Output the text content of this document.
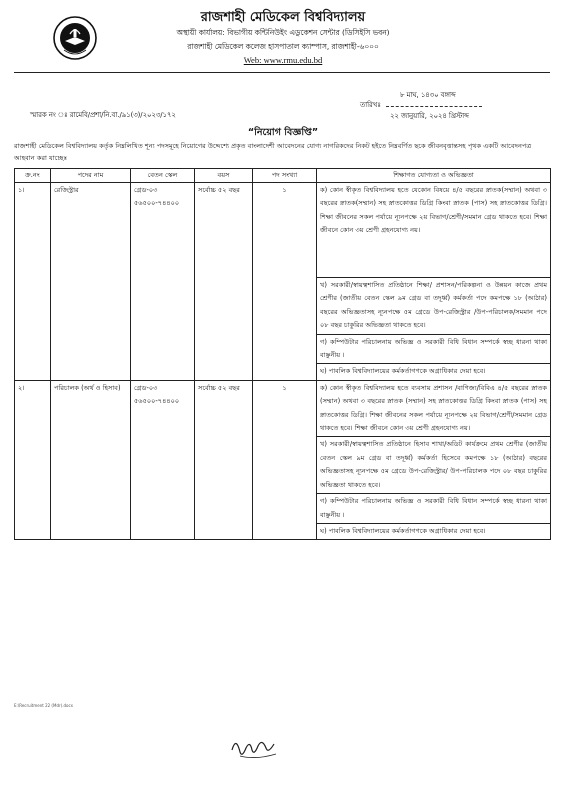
রাজশাহী মেডিকেল বিশ্ববিদ্যালয়
অস্থায়ী কার্যালয়: বিভাগীয় কন্টিনিউইং এডুকেশন সেন্টার (ডিসিইসি ভবন)
রাজশাহী মেডিকেল কলেজ হাসপাতাল ক্যাম্পাস, রাজশাহী-৬০০০
Web: www.rmu.edu.bd
৮ মাঘ, ১৪৩০ বঙ্গাব্দ
তারিখঃ
২২ জানুয়ারি, ২০২৪ খ্রিস্টাব্দ
স্মারক নং ঃ রামেবি/প্রশা/নি.বা./৯১(৩)/২০২৩/১৭২
“নিয়োগ বিজ্ঞপ্তি”
রাজশাহী মেডিকেল বিশ্ববিদ্যালয় কর্তৃক নিম্নলিখিত শূন্য পদসমূহে নিয়োগের উদ্দেশ্যে প্রকৃত বাংলাদেশী আবেদনের যোগ্য নাগরিকদের নিকট হইতে নিম্নবর্ণিত ছকে জীবনবৃত্তান্তসহ পৃথক একটি আবেদনপত্র আহবান করা যাচ্ছেঃ
ক্র.নং	পদের নাম	বেতন স্কেল	বয়স	পদ সংখ্যা	শিক্ষাগত যোগ্যতা ও অভিজ্ঞতা
১।	রেজিস্ট্রার	গ্রেড-০৩ ৫৬৫০০-৭৪৪০০	সর্বোচ্চ ৫২ বছর	১	ক) কোন স্বীকৃত বিশ্ববিদ্যালয় হতে যেকোন বিষয়ে ৪/৫ বছরের স্নাতক(সম্মান) অথবা ৩ বছরের স্নাতক(সম্মান) সহ স্নাতকোত্তর ডিগ্রি কিংবা স্নাতক (পাস) সহ স্নাতকোত্তর ডিগ্রি। শিক্ষা জীবনের সকল পর্যায়ে ন্যূনপক্ষে ২য় বিভাগ/শ্রেণী/সমমান গ্রেড থাকতে হবে। শিক্ষা জীবনে কোন ৩য় শ্রেণী গ্রহনযোগ্য নয়।
					খ) সরকারী/স্বায়ত্বশাসিত প্রতিষ্ঠানে শিক্ষা/ প্রশাসন/পরিকল্পনা ও উন্নয়ন কাজে প্রথম শ্রেণীর (জাতীয় বেতন স্কেল ৯ম গ্রেড বা তদূর্ধ্ব) কর্মকর্তা পদে কমপক্ষে ১৮ (আঠার) বছরের অভিজ্ঞতাসহ ন্যূনপক্ষে ৫ম গ্রেডে উপ-রেজিস্ট্রার /উপ-পরিচালক/সমমান পদে ০৮ বছর চাকুরির অভিজ্ঞতা থাকতে হবে।
					গ) কম্পিউটার পরিচালনায় অভিজ্ঞ ও সরকারী বিধি বিধান সম্পর্কে স্বচ্ছ ধারনা থাকা বাঞ্ছনীয় ।
					ঘ) পাবলিক বিশ্ববিদ্যালয়ের কর্মকর্তাগণকে অগ্রাধিকার দেয়া হবে।
২।	পরিচালক (অর্থ ও হিসাব)	গ্রেড-০৩ ৫৬৫০০-৭৪৪০০	সর্বোচ্চ ৫২ বছর	১	ক) কোন স্বীকৃত বিশ্ববিদ্যালয় হতে ব্যবসায় প্রশাসন /বাণিজ্য/বিবিএ ৪/৫ বছরের স্নাতক (সম্মান) অথবা ৩ বছরের স্নাতক (সম্মান) সহ স্নাতকোত্তর ডিগ্রি কিংবা স্নাতক (পাস) সহ স্নাতকোত্তর ডিগ্রি। শিক্ষা জীবনের সকল পর্যায়ে ন্যূনপক্ষে ২য় বিভাগ/শ্রেণী/সমমান গ্রেড থাকতে হবে। শিক্ষা জীবনে কোন ৩য় শ্রেণী গ্রহনযোগ্য নয়।
					খ) সরকারী/স্বায়ত্বশাসিত প্রতিষ্ঠানে হিসাব শাখা/অডিট কার্যক্রমে প্রথম শ্রেণীর (জাতীয় বেতন স্কেল ৯ম গ্রেড বা তদূর্ধ্ব) কর্মকর্তা হিসেবে কমপক্ষে ১৮ (আঠার) বছরের অভিজ্ঞতাসহ ন্যূনপক্ষে ৫ম গ্রেডে উপ-রেজিস্ট্রার/ উপ-পরিচালক পদে ০৮ বছর চাকুরির অভিজ্ঞতা থাকতে হবে।
					গ) কম্পিউটার পরিচালনায় অভিজ্ঞ ও সরকারী বিধি বিধান সম্পর্কে স্বচ্ছ ধারনা থাকা বাঞ্ছনীয় ।
					ঘ) পাবলিক বিশ্ববিদ্যালয়ের কর্মকর্তাগণকে অগ্রাধিকার দেয়া হবে।
E:\Recruitment 22 (Mdr).docx
